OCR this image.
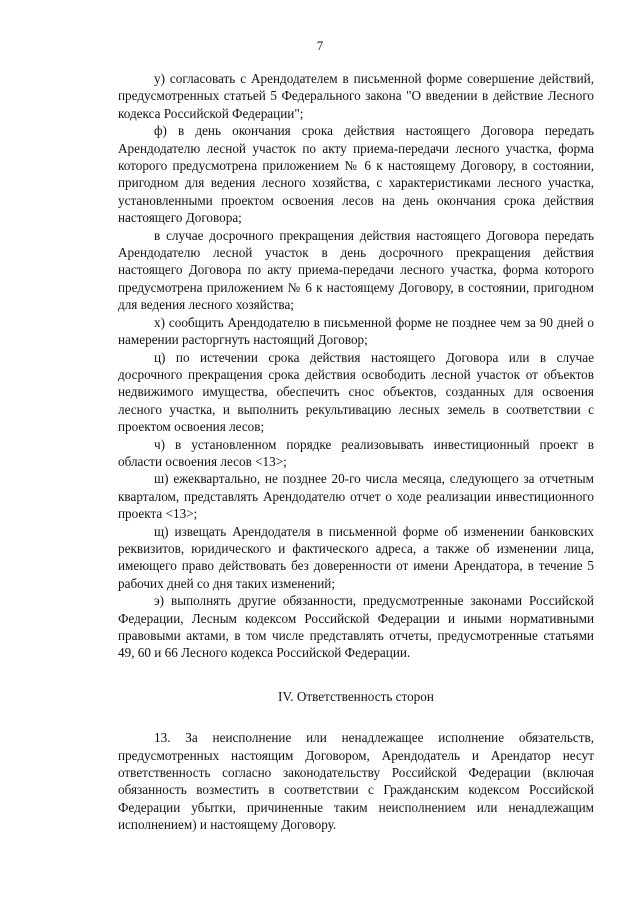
7

у) согласовать с Арендодателем в письменной форме совершение действий, предусмотренных статьей 5 Федерального закона "О введении в действие Лесного кодекса Российской Федерации";

ф) в день окончания срока действия настоящего Договора передать Арендодателю лесной участок по акту приема-передачи лесного участка, форма которого предусмотрена приложением № 6 к настоящему Договору, в состоянии, пригодном для ведения лесного хозяйства, с характеристиками лесного участка, установленными проектом освоения лесов на день окончания срока действия настоящего Договора;

в случае досрочного прекращения действия настоящего Договора передать Арендодателю лесной участок в день досрочного прекращения действия настоящего Договора по акту приема-передачи лесного участка, форма которого предусмотрена приложением № 6 к настоящему Договору, в состоянии, пригодном для ведения лесного хозяйства;

х) сообщить Арендодателю в письменной форме не позднее чем за 90 дней о намерении расторгнуть настоящий Договор;

ц) по истечении срока действия настоящего Договора или в случае досрочного прекращения срока действия освободить лесной участок от объектов недвижимого имущества, обеспечить снос объектов, созданных для освоения лесного участка, и выполнить рекультивацию лесных земель в соответствии с проектом освоения лесов;

ч) в установленном порядке реализовывать инвестиционный проект в области освоения лесов <13>;

ш) ежеквартально, не позднее 20-го числа месяца, следующего за отчетным кварталом, представлять Арендодателю отчет о ходе реализации инвестиционного проекта <13>;

щ) извещать Арендодателя в письменной форме об изменении банковских реквизитов, юридического и фактического адреса, а также об изменении лица, имеющего право действовать без доверенности от имени Арендатора, в течение 5 рабочих дней со дня таких изменений;

э) выполнять другие обязанности, предусмотренные законами Российской Федерации, Лесным кодексом Российской Федерации и иными нормативными правовыми актами, в том числе представлять отчеты, предусмотренные статьями 49, 60 и 66 Лесного кодекса Российской Федерации.

IV. Ответственность сторон

13. За неисполнение или ненадлежащее исполнение обязательств, предусмотренных настоящим Договором, Арендодатель и Арендатор несут ответственность согласно законодательству Российской Федерации (включая обязанность возместить в соответствии с Гражданским кодексом Российской Федерации убытки, причиненные таким неисполнением или ненадлежащим исполнением) и настоящему Договору.
